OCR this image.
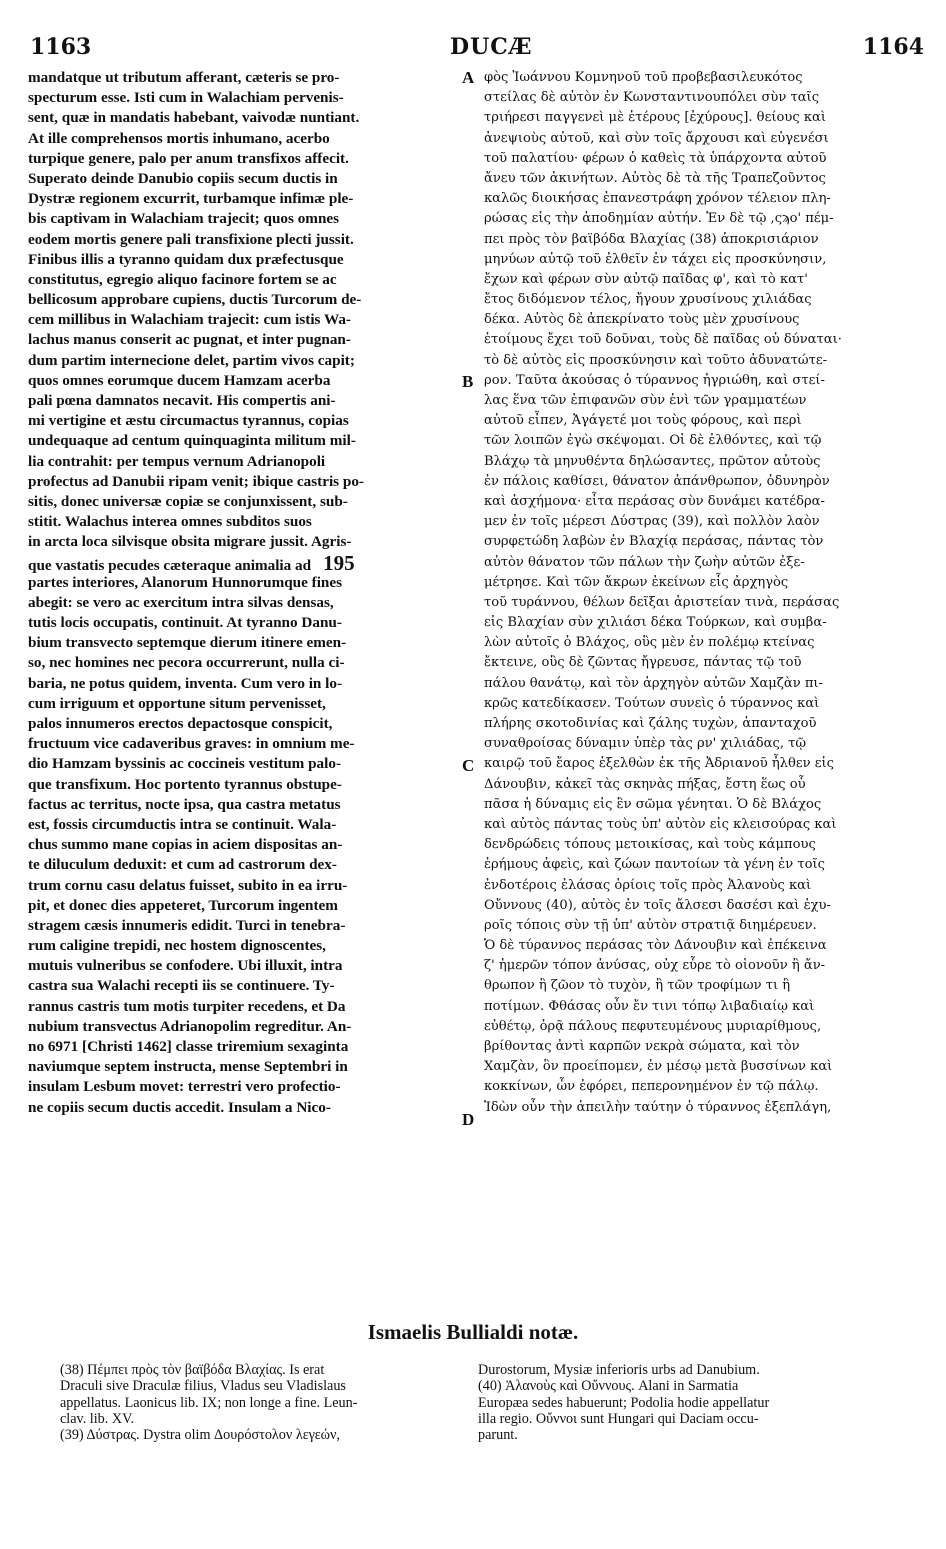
1163	DUCÆ	1164
mandatque ut tributum afferant, cæteris se pro-
specturum esse. Isti cum in Walachiam pervenis-
sent, quæ in mandatis habebant, vaivodæ nuntiant.
At ille comprehensos mortis inhumano, acerbo
turpique genere, palo per anum transfixos affecit.
Superato deinde Danubio copiis secum ductis in
Dystræ regionem excurrit, turbamque infimæ ple-
bis captivam in Walachiam trajecit; quos omnes
eodem mortis genere pali transfixione plecti jussit.
Finibus illis a tyranno quidam dux præfectusque
constitutus, egregio aliquo facinore fortem se ac
bellicosum approbare cupiens, ductis Turcorum de-
cem millibus in Walachiam trajecit: cum istis Wa-
lachus manus conserit ac pugnat, et inter pugnan-
dum partim internecione delet, partim vivos capit;
quos omnes eorumque ducem Hamzam acerba
pali pœna damnatos necavit. His compertis ani-
mi vertigine et æstu circumactus tyrannus, copias
undequaque ad centum quinquaginta militum mil-
lia contrahit: per tempus vernum Adrianopoli
profectus ad Danubii ripam venit; ibique castris po-
sitis, donec universæ copiæ se conjunxissent, sub-
stitit. Walachus interea omnes subditos suos
in arcta loca silvisque obsita migrare jussit. Agris-
que vastatis pecudes cæteraque animalia ad 195
partes interiores, Alanorum Hunnorumque fines
abegit: se vero ac exercitum intra silvas densas,
tutis locis occupatis, continuit. At tyranno Danu-
bium transvecto septemque dierum itinere emen-
so, nec homines nec pecora occurrerunt, nulla ci-
baria, ne potus quidem, inventa. Cum vero in lo-
cum irriguum et opportune situm pervenisset,
palos innumeros erectos depactosque conspicit,
fructuum vice cadaveribus graves: in omnium me-
dio Hamzam byssinis ac coccineis vestitum palo-
que transfixum. Hoc portento tyrannus obstupe-
factus ac territus, nocte ipsa, qua castra metatus
est, fossis circumductis intra se continuit. Wala-
chus summo mane copias in aciem dispositas an-
te diluculum deduxit: et cum ad castrorum dex-
trum cornu casu delatus fuisset, subito in ea irru-
pit, et donec dies appeteret, Turcorum ingentem
stragem cæsis innumeris edidit. Turci in tenebra-
rum caligine trepidi, nec hostem dignoscentes,
mutuis vulneribus se confodere. Ubi illuxit, intra
castra sua Walachi recepti iis se continuere. Ty-
rannus castris tum motis turpiter recedens, et Da
nubium transvectus Adrianopolim regreditur. An-
no 6971 [Christi 1462] classe triremium sexaginta
naviumque septem instructa, mense Septembri in
insulam Lesbum movet: terrestri vero profectio-
ne copiis secum ductis accedit. Insulam a Nico-
φὸς Ἰωάννου Κομνηνοῦ τοῦ προβεβασιλευκότος
στείλας δὲ αὐτὸν ἐν Κωνσταντινουπόλει σὺν ταῖς
τριήρεσι παγγενεὶ μὲ ἑτέρους [ἐχύρους]. θείους καὶ
ἀνεψιοὺς αὐτοῦ, καὶ σὺν τοῖς ἄρχουσι καὶ εὐγενέσι
τοῦ παλατίου· φέρων ὁ καθεὶς τὰ ὑπάρχοντα αὐτοῦ
ἄνευ τῶν ἀκινήτων. Αὐτὸς δὲ τὰ τῆς Τραπεζοῦντος
καλῶς διοικήσας ἐπανεστράφη χρόνον τέλειον πλη-
ρώσας εἰς τὴν ἀποδημίαν αὐτήν. Ἐν δὲ τῷ ,ςϡο' πέμ-
πει πρὸς τὸν βαϊβόδα Βλαχίας (38) ἀποκρισιάριον
μηνύων αὐτῷ τοῦ ἐλθεῖν ἐν τάχει εἰς προσκύνησιν,
ἔχων καὶ φέρων σὺν αὐτῷ παῖδας φ', καὶ τὸ κατ'
ἔτος διδόμενον τέλος, ἤγουν χρυσίνους χιλιάδας
δέκα. Αὐτὸς δὲ ἀπεκρίνατο τοὺς μὲν χρυσίνους
ἑτοίμους ἔχει τοῦ δοῦναι, τοὺς δὲ παῖδας οὐ δύναται·
τὸ δὲ αὐτὸς εἰς προσκύνησιν καὶ τοῦτο ἀδυνατώτε-
ρον. Ταῦτα ἀκούσας ὁ τύραννος ἠγριώθη, καὶ στεί-
λας ἕνα τῶν ἐπιφανῶν σὺν ἑνὶ τῶν γραμματέων
αὐτοῦ εἶπεν, Ἀγάγετέ μοι τοὺς φόρους, καὶ περὶ
τῶν λοιπῶν ἐγὼ σκέψομαι. Οἱ δὲ ἐλθόντες, καὶ τῷ
Βλάχῳ τὰ μηνυθέντα δηλώσαντες, πρῶτον αὐτοὺς
ἐν πάλοις καθίσει, θάνατον ἀπάνθρωπον, ὀδυνηρὸν
καὶ ἀσχήμονα· εἶτα περάσας σὺν δυνάμει κατέδρα-
μεν ἐν τοῖς μέρεσι Δύστρας (39), καὶ πολλὸν λαὸν
συρφετώδη λαβὼν ἐν Βλαχίᾳ περάσας, πάντας τὸν
αὐτὸν θάνατον τῶν πάλων τὴν ζωὴν αὐτῶν ἐξε-
μέτρησε. Καὶ τῶν ἄκρων ἐκείνων εἷς ἀρχηγὸς
τοῦ τυράννου, θέλων δεῖξαι ἀριστείαν τινὰ, περάσας
εἰς Βλαχίαν σὺν χιλιάσι δέκα Τούρκων, καὶ συμβα-
λὼν αὐτοῖς ὁ Βλάχος, οὓς μὲν ἐν πολέμῳ κτείνας
ἔκτεινε, οὓς δὲ ζῶντας ἤγρευσε, πάντας τῷ τοῦ
πάλου θανάτῳ, καὶ τὸν ἀρχηγὸν αὐτῶν Χαμζὰν πι-
κρῶς κατεδίκασεν. Τούτων συνεὶς ὁ τύραννος καὶ
πλήρης σκοτοδινίας καὶ ζάλης τυχὼν, ἁπανταχοῦ
συναθροίσας δύναμιν ὑπὲρ τὰς ρν' χιλιάδας, τῷ
καιρῷ τοῦ ἔαρος ἐξελθὼν ἐκ τῆς Ἀδριανοῦ ἦλθεν εἰς
Δάνουβιν, κἀκεῖ τὰς σκηνὰς πήξας, ἔστη ἕως οὗ
πᾶσα ἡ δύναμις εἰς ἓν σῶμα γένηται. Ὁ δὲ Βλάχος
καὶ αὐτὸς πάντας τοὺς ὑπ' αὐτὸν εἰς κλεισούρας καὶ
δενδρώδεις τόπους μετοικίσας, καὶ τοὺς κάμπους
ἐρήμους ἀφεὶς, καὶ ζώων παντοίων τὰ γένη ἐν τοῖς
ἐνδοτέροις ἐλάσας ὁρίοις τοῖς πρὸς Ἀλανοὺς καὶ
Οὔννους (40), αὐτὸς ἐν τοῖς ἄλσεσι δασέσι καὶ ἐχυ-
ροῖς τόποις σὺν τῇ ὑπ' αὐτὸν στρατιᾷ διημέρευεν.
Ὁ δὲ τύραννος περάσας τὸν Δάνουβιν καὶ ἐπέκεινα
ζ' ἡμερῶν τόπον ἀνύσας, οὐχ εὗρε τὸ οἱονοῦν ἢ ἄν-
θρωπον ἢ ζῶον τὸ τυχὸν, ἢ τῶν τροφίμων τι ἢ
ποτίμων. Φθάσας οὖν ἔν τινι τόπῳ λιβαδιαίῳ καὶ
εὐθέτῳ, ὁρᾷ πάλους πεφυτευμένους μυριαρίθμους,
βρίθοντας ἀντὶ καρπῶν νεκρὰ σώματα, καὶ τὸν
Χαμζὰν, ὃν προείπομεν, ἐν μέσῳ μετὰ βυσσίνων καὶ
κοκκίνων, ὧν ἐφόρει, πεπερονημένον ἐν τῷ πάλῳ.
Ἰδὼν οὖν τὴν ἀπειλὴν ταύτην ὁ τύραννος ἐξεπλάγη,
A
B
C
D
Ismaelis Bullialdi notæ.
(38) Πέμπει πρὸς τὸν βαϊβόδα Βλαχίας. Is erat
Draculi sive Draculæ filius, Vladus seu Vladislaus
appellatus. Laonicus lib. IX; non longe a fine. Leun-
clav. lib. XV.
(39) Δύστρας. Dystra olim Δουρόστολον λεγεών,
Durostorum, Mysiæ inferioris urbs ad Danubium.
(40) Ἀλανοὺς καὶ Οὔννους. Alani in Sarmatia
Europæa sedes habuerunt; Podolia hodie appellatur
illa regio. Οὔννοι sunt Hungari qui Daciam occu-
parunt.
